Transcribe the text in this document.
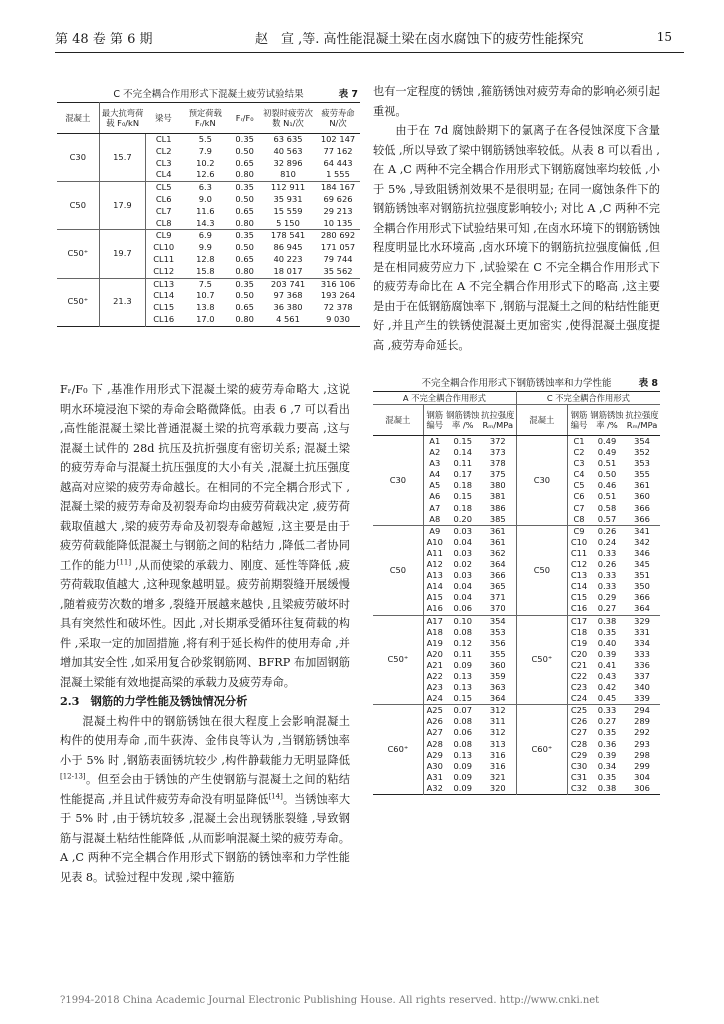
第 48 卷 第 6 期	赵　宣 ,等. 高性能混凝土梁在卤水腐蚀下的疲劳性能探究	15
C 不完全耦合作用形式下混凝土疲劳试验结果	表 7
混凝土	最大抗弯荷载 F₀/kN	梁号	预定荷载 Fᵣ/kN	Fᵣ/F₀	初裂时疲劳次数 N₁/次	疲劳寿命 N/次
C30	15.7	CL1	5.5	0.35	63 635	102 147
		CL2	7.9	0.50	40 563	77 162
		CL3	10.2	0.65	32 896	64 443
		CL4	12.6	0.80	810	1 555
C50	17.9	CL5	6.3	0.35	112 911	184 167
		CL6	9.0	0.50	35 931	69 626
		CL7	11.6	0.65	15 559	29 213
		CL8	14.3	0.80	5 150	10 135
C50⁺	19.7	CL9	6.9	0.35	178 541	280 692
		CL10	9.9	0.50	86 945	171 057
		CL11	12.8	0.65	40 223	79 744
		CL12	15.8	0.80	18 017	35 562
C50⁺	21.3	CL13	7.5	0.35	203 741	316 106
		CL14	10.7	0.50	97 368	193 264
		CL15	13.8	0.65	36 380	72 378
		CL16	17.0	0.80	4 561	9 030

Fᵣ/F₀ 下 ,基准作用形式下混凝土梁的疲劳寿命略大 ,这说明水环境浸泡下梁的寿命会略微降低。由表 6 ,7 可以看出 ,高性能混凝土梁比普通混凝土梁的抗弯承载力要高 ,这与混凝土试件的 28d 抗压及抗折强度有密切关系; 混凝土梁的疲劳寿命与混凝土抗压强度的大小有关 ,混凝土抗压强度越高对应梁的疲劳寿命越长。在相同的不完全耦合形式下 ,混凝土梁的疲劳寿命及初裂寿命均由疲劳荷载决定 ,疲劳荷载取值越大 ,梁的疲劳寿命及初裂寿命越短 ,这主要是由于疲劳荷载能降低混凝土与钢筋之间的粘结力 ,降低二者协同工作的能力[11] ,从而使梁的承载力、刚度、延性等降低 ,疲劳荷载取值越大 ,这种现象越明显。疲劳前期裂缝开展缓慢 ,随着疲劳次数的增多 ,裂缝开展越来越快 ,且梁疲劳破坏时具有突然性和破坏性。因此 ,对长期承受循环往复荷载的构件 ,采取一定的加固措施 ,将有利于延长构件的使用寿命 ,并增加其安全性 ,如采用复合砂浆钢筋网、BFRP 布加固钢筋混凝土梁能有效地提高梁的承载力及疲劳寿命。

2.3　钢筋的力学性能及锈蚀情况分析

混凝土构件中的钢筋锈蚀在很大程度上会影响混凝土构件的使用寿命 ,而牛荻涛、金伟良等认为 ,当钢筋锈蚀率小于 5% 时 ,钢筋表面锈坑较少 ,构件静载能力无明显降低[12-13]。但至会由于锈蚀的产生使钢筋与混凝土之间的粘结性能提高 ,并且试件疲劳寿命没有明显降低[14]。当锈蚀率大于 5% 时 ,由于锈坑较多 ,混凝土会出现锈胀裂缝 ,导致钢筋与混凝土粘结性能降低 ,从而影响混凝土梁的疲劳寿命。A ,C 两种不完全耦合作用形式下钢筋的锈蚀率和力学性能见表 8。试验过程中发现 ,梁中箍筋

也有一定程度的锈蚀 ,箍筋锈蚀对疲劳寿命的影响必须引起重视。

由于在 7d 腐蚀龄期下的氯离子在各侵蚀深度下含量较低 ,所以导致了梁中钢筋锈蚀率较低。从表 8 可以看出 ,在 A ,C 两种不完全耦合作用形式下钢筋腐蚀率均较低 ,小于 5% ,导致阻锈剂效果不是很明显; 在同一腐蚀条件下的钢筋锈蚀率对钢筋抗拉强度影响较小; 对比 A ,C 两种不完全耦合作用形式下试验结果可知 ,在卤水环境下的钢筋锈蚀程度明显比水环境高 ,卤水环境下的钢筋抗拉强度偏低 ,但是在相同疲劳应力下 ,试验梁在 C 不完全耦合作用形式下的疲劳寿命比在 A 不完全耦合作用形式下的略高 ,这主要是由于在低钢筋腐蚀率下 ,钢筋与混凝土之间的粘结性能更好 ,并且产生的铁锈使混凝土更加密实 ,使得混凝土强度提高 ,疲劳寿命延长。

不完全耦合作用形式下钢筋锈蚀率和力学性能	表 8
A 不完全耦合作用形式				C 不完全耦合作用形式			
混凝土	钢筋编号	钢筋锈蚀率 /%	抗拉强度 Rₘ/MPa	混凝土	钢筋编号	钢筋锈蚀率 /%	抗拉强度 Rₘ/MPa
C30	A1	0.15	372	C30	C1	0.49	354
	A2	0.14	373		C2	0.49	352
	A3	0.11	378		C3	0.51	353
	A4	0.17	375		C4	0.50	355
	A5	0.18	380		C5	0.46	361
	A6	0.15	381		C6	0.51	360
	A7	0.18	386		C7	0.58	366
	A8	0.20	385		C8	0.57	366
C50	A9	0.03	361	C50	C9	0.26	341
	A10	0.04	361		C10	0.24	342
	A11	0.03	362		C11	0.33	346
	A12	0.02	364		C12	0.26	345
	A13	0.03	366		C13	0.33	351
	A14	0.04	365		C14	0.33	350
	A15	0.04	371		C15	0.29	366
	A16	0.06	370		C16	0.27	364
C50⁺	A17	0.10	354	C50⁺	C17	0.38	329
	A18	0.08	353		C18	0.35	331
	A19	0.12	356		C19	0.40	334
	A20	0.11	355		C20	0.39	333
	A21	0.09	360		C21	0.41	336
	A22	0.13	359		C22	0.43	337
	A23	0.13	363		C23	0.42	340
	A24	0.15	364		C24	0.45	339
C60⁺	A25	0.07	312	C60⁺	C25	0.33	294
	A26	0.08	311		C26	0.27	289
	A27	0.06	312		C27	0.35	292
	A28	0.08	313		C28	0.36	293
	A29	0.13	316		C29	0.39	298
	A30	0.09	316		C30	0.34	299
	A31	0.09	321		C31	0.35	304
	A32	0.09	320		C32	0.38	306
?1994-2018 China Academic Journal Electronic Publishing House. All rights reserved. http://www.cnki.net
